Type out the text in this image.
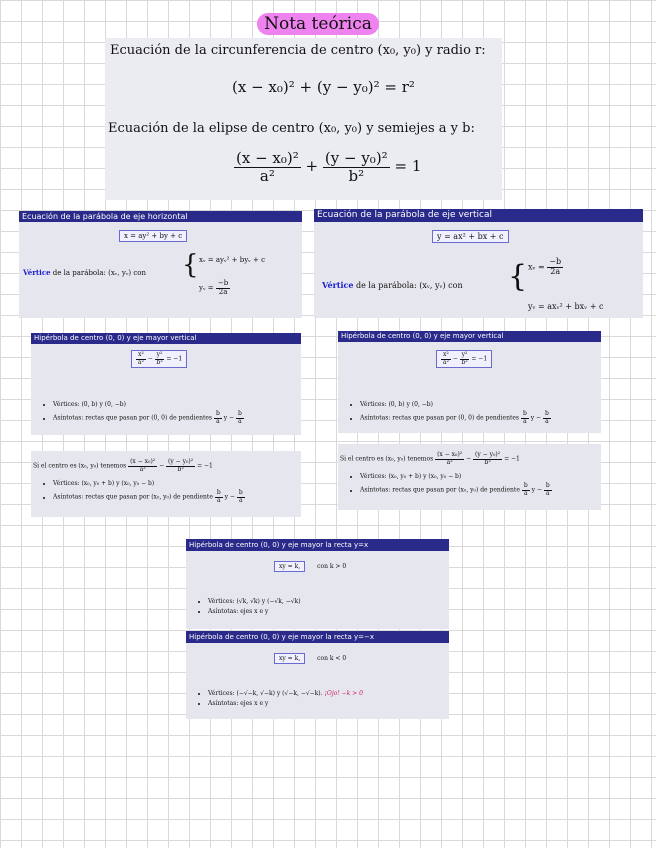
Nota teórica
Ecuación de la circunferencia de centro (x₀, y₀) y radio r:
(x − x₀)² + (y − y₀)² = r²
Ecuación de la elipse de centro (x₀, y₀) y semiejes a y b:
$\frac{\text{(x − x₀)²}}{\text{a²}} + \frac{\text{(y − y₀)²}}{\text{b²}} = 1$
Ecuación de la parábola de eje horizontal
x = ay² + by + c
Vértice de la parábola: (xᵥ, yᵥ) con { xᵥ = ayᵥ² + byᵥ + c
yᵥ = $\frac{-b}{2a}$
Ecuación de la parábola de eje vertical
y = ax² + bx + c
Vértice de la parábola: (xᵥ, yᵥ) con { xᵥ = $\frac{-b}{2a}$
yᵥ = axᵥ² + bxᵥ + c
Hipérbola de centro (0, 0) y eje mayor vertical
$\frac{\text{x²}}{\text{a²}} - \frac{\text{y²}}{\text{b²}} = -1$
• Vértices: (0, b) y (0, −b)
• Asíntotas: rectas que pasan por (0, 0) de pendientes $\frac{b}{a}$ $y - \frac{b}{a}$
Si el centro es (x₀, y₀) tenemos $\frac{\text{(x − x₀)²}}{\text{a²}} - \frac{\text{(y − y₀)²}}{\text{b²}} = -1$
• Vértices: (x₀, y₀ + b) y (x₀, y₀ − b)
• Asíntotas: rectas que pasan por (x₀, y₀) de pendiente $\frac{b}{a}$ $y - \frac{b}{a}$
Hipérbola de centro (0, 0) y eje mayor vertical
$\frac{\text{x²}}{\text{a²}} - \frac{\text{y²}}{\text{b²}} = -1$
• Vértices: (0, b) y (0, −b)
• Asíntotas: rectas que pasan por (0, 0) de pendientes $\frac{b}{a}$ $y - \frac{b}{a}$
Si el centro es (x₀, y₀) tenemos $\frac{\text{(x − x₀)²}}{\text{a²}} - \frac{\text{(y − y₀)²}}{\text{b²}} = -1$
• Vértices: (x₀, y₀ + b) y (x₀, y₀ − b)
• Asíntotas: rectas que pasan por (x₀, y₀) de pendiente $\frac{b}{a}$ $y - \frac{b}{a}$
Hipérbola de centro (0, 0) y eje mayor la recta y=x
xy = k,	con k > 0
• Vértices: (√k, √k) y (−√k, −√k)
• Asíntotas: ejes x e y
Hipérbola de centro (0, 0) y eje mayor la recta y=−x
xy = k,	con k < 0
• Vértices: (−√−k, √−k) y (√−k, −√−k). ¡Ojo! −k > 0
• Asíntotas: ejes x e y
